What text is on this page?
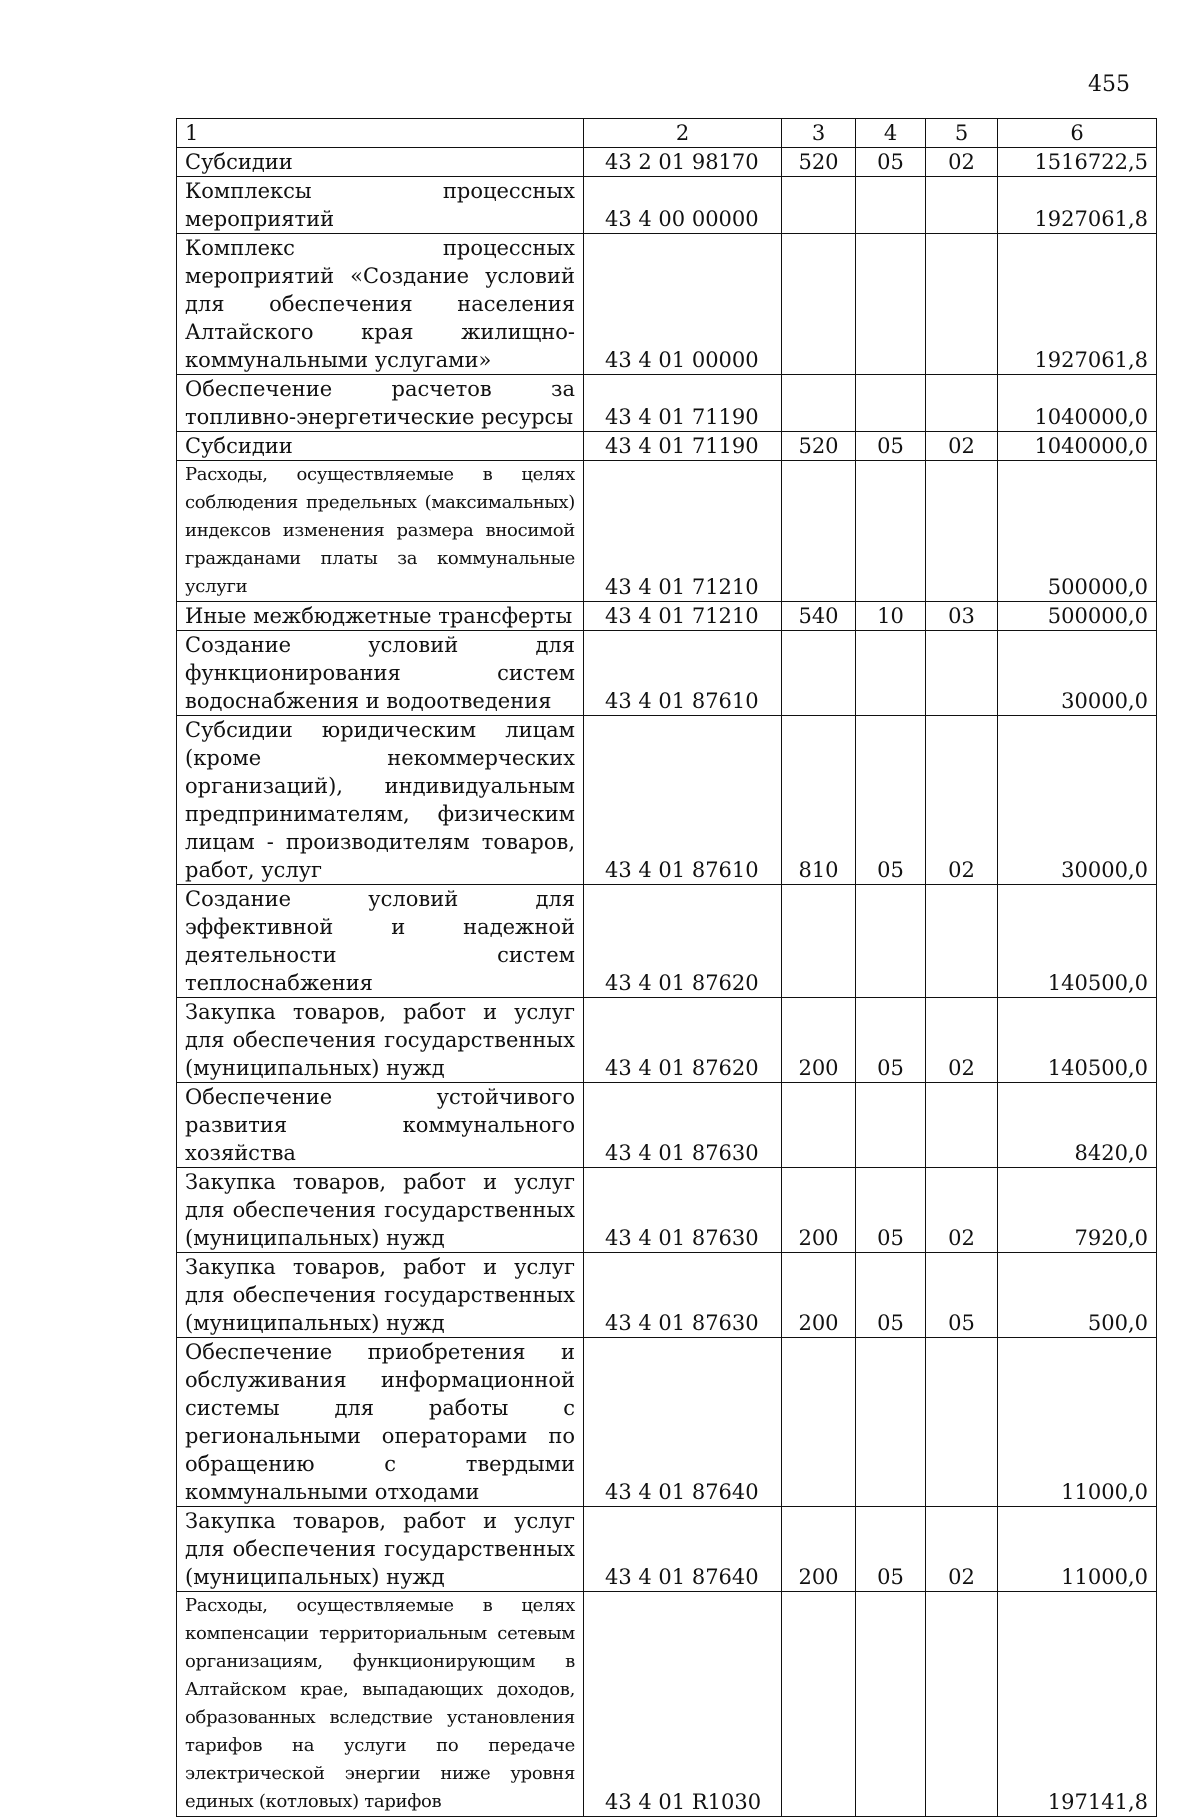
455
1	2	3	4	5	6
Субсидии	43 2 01 98170	520	05	02	1516722,5
Комплексы процессных мероприятий	43 4 00 00000				1927061,8
Комплекс процессных мероприятий «Создание условий для обеспечения населения Алтайского края жилищно-коммунальными услугами»	43 4 01 00000				1927061,8
Обеспечение расчетов за топливно-энергетические ресурсы	43 4 01 71190				1040000,0
Субсидии	43 4 01 71190	520	05	02	1040000,0
Расходы, осуществляемые в целях соблюдения предельных (максимальных) индексов изменения размера вносимой гражданами платы за коммунальные услуги	43 4 01 71210				500000,0
Иные межбюджетные трансферты	43 4 01 71210	540	10	03	500000,0
Создание условий для функционирования систем водоснабжения и водоотведения	43 4 01 87610				30000,0
Субсидии юридическим лицам (кроме некоммерческих организаций), индивидуальным предпринимателям, физическим лицам - производителям товаров, работ, услуг	43 4 01 87610	810	05	02	30000,0
Создание условий для эффективной и надежной деятельности систем теплоснабжения	43 4 01 87620				140500,0
Закупка товаров, работ и услуг для обеспечения государственных (муниципальных) нужд	43 4 01 87620	200	05	02	140500,0
Обеспечение устойчивого развития коммунального хозяйства	43 4 01 87630				8420,0
Закупка товаров, работ и услуг для обеспечения государственных (муниципальных) нужд	43 4 01 87630	200	05	02	7920,0
Закупка товаров, работ и услуг для обеспечения государственных (муниципальных) нужд	43 4 01 87630	200	05	05	500,0
Обеспечение приобретения и обслуживания информационной системы для работы с региональными операторами по обращению с твердыми коммунальными отходами	43 4 01 87640				11000,0
Закупка товаров, работ и услуг для обеспечения государственных (муниципальных) нужд	43 4 01 87640	200	05	02	11000,0
Расходы, осуществляемые в целях компенсации территориальным сетевым организациям, функционирующим в Алтайском крае, выпадающих доходов, образованных вследствие установления тарифов на услуги по передаче электрической энергии ниже уровня единых (котловых) тарифов	43 4 01 R1030				197141,8
